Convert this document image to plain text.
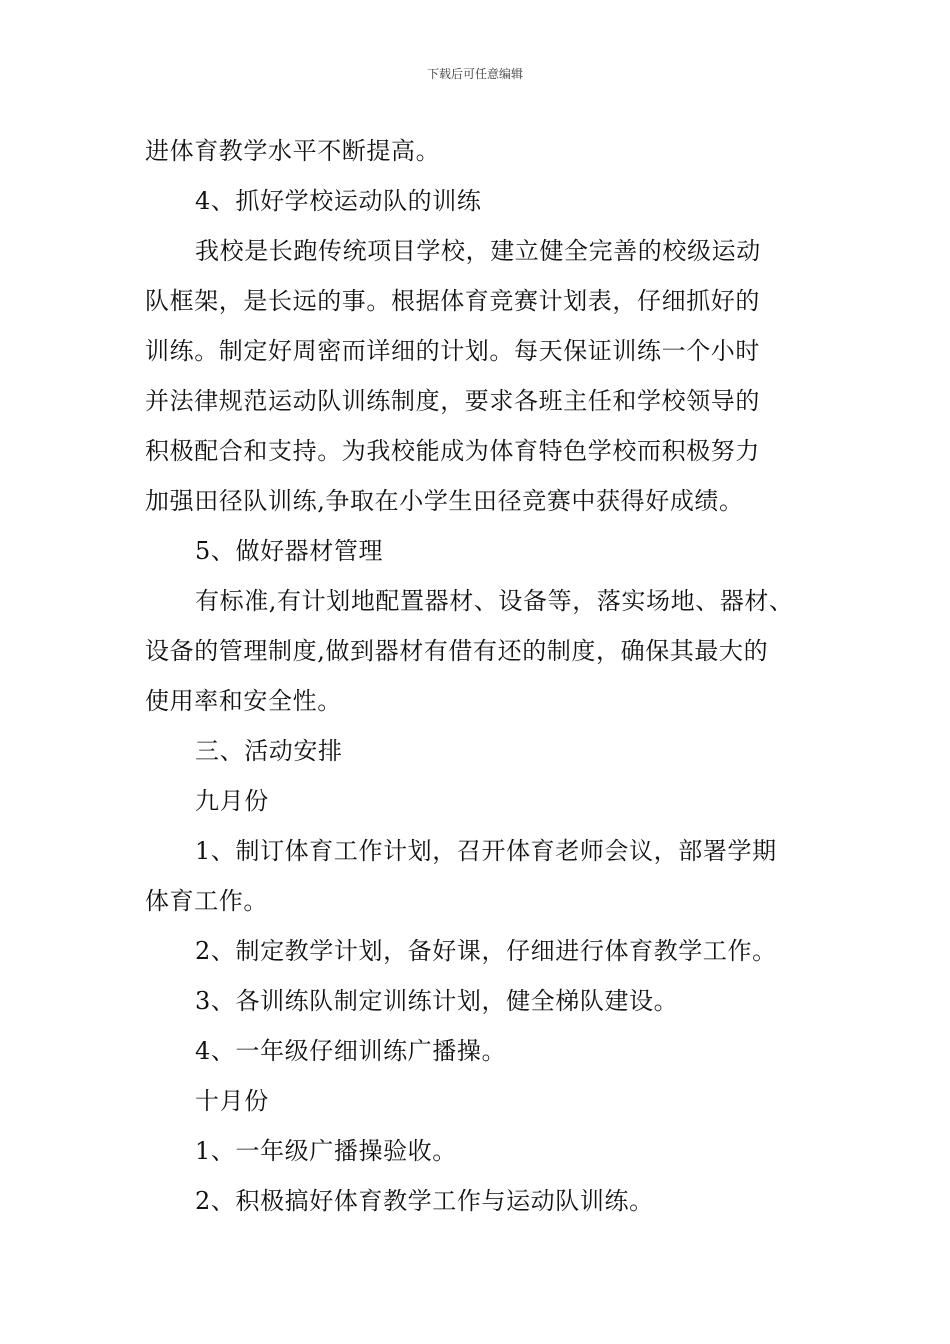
下载后可任意编辑
进体育教学水平不断提高。
4、抓好学校运动队的训练
我校是长跑传统项目学校，建立健全完善的校级运动
队框架，是长远的事。根据体育竞赛计划表，仔细抓好的
训练。制定好周密而详细的计划。每天保证训练一个小时
并法律规范运动队训练制度，要求各班主任和学校领导的
积极配合和支持。为我校能成为体育特色学校而积极努力
加强田径队训练,争取在小学生田径竞赛中获得好成绩。
5、做好器材管理
有标准,有计划地配置器材、设备等，落实场地、器材、
设备的管理制度,做到器材有借有还的制度，确保其最大的
使用率和安全性。
三、活动安排
九月份
1、制订体育工作计划，召开体育老师会议，部署学期
体育工作。
2、制定教学计划，备好课，仔细进行体育教学工作。
3、各训练队制定训练计划，健全梯队建设。
4、一年级仔细训练广播操。
十月份
1、一年级广播操验收。
2、积极搞好体育教学工作与运动队训练。
